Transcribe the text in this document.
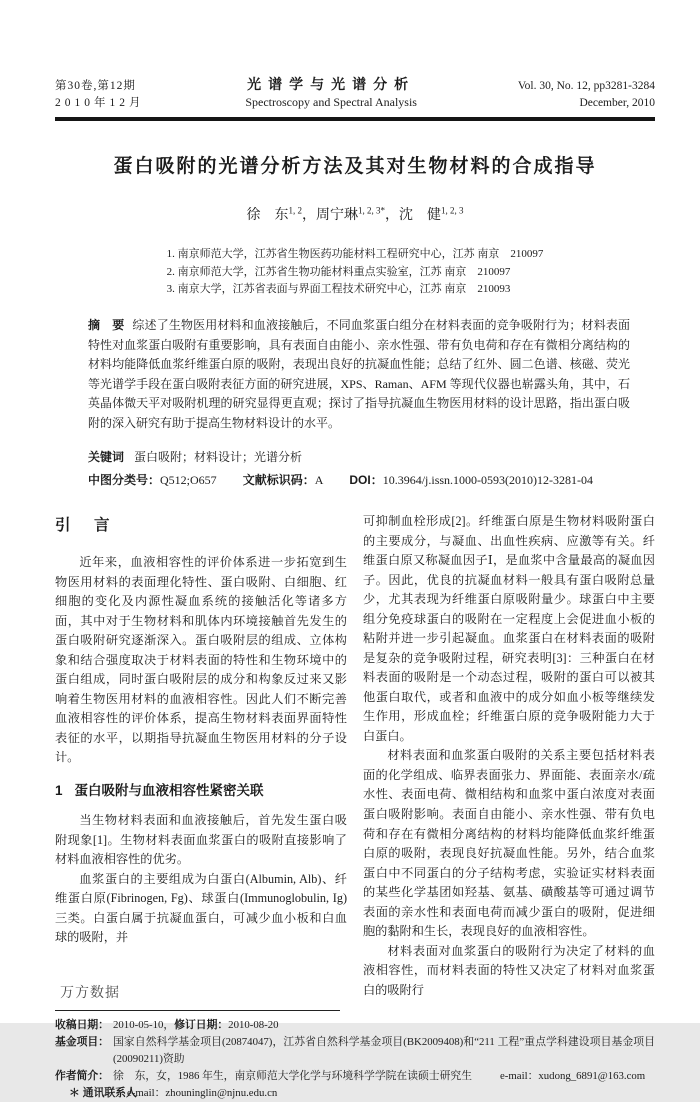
第30卷,第12期
2010年12月
光谱学与光谱分析
Spectroscopy and Spectral Analysis
Vol. 30, No. 12, pp3281-3284
December, 2010
蛋白吸附的光谱分析方法及其对生物材料的合成指导
徐　东$^{1, 2}$，周宁琳$^{1, 2, 3*}$，沈　健$^{1, 2, 3}$
1. 南京师范大学，江苏省生物医药功能材料工程研究中心，江苏 南京　210097
2. 南京师范大学，江苏省生物功能材料重点实验室，江苏 南京　210097
3. 南京大学，江苏省表面与界面工程技术研究中心，江苏 南京　210093

摘　要 综述了生物医用材料和血液接触后，不同血浆蛋白组分在材料表面的竞争吸附行为；材料表面特性对血浆蛋白吸附有重要影响，具有表面自由能小、亲水性强、带有负电荷和存在有微相分离结构的材料均能降低血浆纤维蛋白原的吸附，表现出良好的抗凝血性能；总结了红外、圆二色谱、核磁、荧光等光谱学手段在蛋白吸附表征方面的研究进展，XPS、Raman、AFM 等现代仪器也崭露头角，其中，石英晶体微天平对吸附机理的研究显得更直观；探讨了指导抗凝血生物医用材料的设计思路，指出蛋白吸附的深入研究有助于提高生物材料设计的水平。

关键词 蛋白吸附；材料设计；光谱分析
中图分类号：Q512;O657 文献标识码：A DOI：10.3964/j.issn.1000-0593(2010)12-3281-04
引　言

近年来，血液相容性的评价体系进一步拓宽到生物医用材料的表面理化特性、蛋白吸附、白细胞、红细胞的变化及内源性凝血系统的接触活化等诸多方面，其中对于生物材料和肌体内环境接触首先发生的蛋白吸附研究逐渐深入。蛋白吸附层的组成、立体构象和结合强度取决于材料表面的特性和生物环境中的蛋白组成，同时蛋白吸附层的成分和构象反过来又影响着生物医用材料的血液相容性。因此人们不断完善血液相容性的评价体系，提高生物材料表面界面特性表征的水平，以期指导抗凝血生物医用材料的分子设计。

1 蛋白吸附与血液相容性紧密关联

当生物材料表面和血液接触后，首先发生蛋白吸附现象[1]。生物材料表面血浆蛋白的吸附直接影响了材料血液相容性的优劣。

血浆蛋白的主要组成为白蛋白(Albumin, Alb)、纤维蛋白原(Fibrinogen, Fg)、球蛋白(Immunoglobulin, Ig)三类。白蛋白属于抗凝血蛋白，可减少血小板和白血球的吸附，并

可抑制血栓形成[2]。纤维蛋白原是生物材料吸附蛋白的主要成分，与凝血、出血性疾病、应激等有关。纤维蛋白原又称凝血因子Ⅰ，是血浆中含量最高的凝血因子。因此，优良的抗凝血材料一般具有蛋白吸附总量少，尤其表现为纤维蛋白原吸附量少。球蛋白中主要组分免疫球蛋白的吸附在一定程度上会促进血小板的粘附并进一步引起凝血。血浆蛋白在材料表面的吸附是复杂的竞争吸附过程，研究表明[3]：三种蛋白在材料表面的吸附是一个动态过程，吸附的蛋白可以被其他蛋白取代，或者和血液中的成分如血小板等继续发生作用，形成血栓；纤维蛋白原的竞争吸附能力大于白蛋白。

材料表面和血浆蛋白吸附的关系主要包括材料表面的化学组成、临界表面张力、界面能、表面亲水/疏水性、表面电荷、微相结构和血浆中蛋白浓度对表面蛋白吸附影响。表面自由能小、亲水性强、带有负电荷和存在有微相分离结构的材料均能降低血浆纤维蛋白原的吸附，表现良好抗凝血性能。另外，结合血浆蛋白中不同蛋白的分子结构考虑，实验证实材料表面的某些化学基团如羟基、氨基、磺酸基等可通过调节表面的亲水性和表面电荷而减少蛋白的吸附，促进细胞的黏附和生长，表现良好的血液相容性。

材料表面对血浆蛋白的吸附行为决定了材料的血液相容性，而材料表面的特性又决定了材料对血浆蛋白的吸附行

收稿日期： 2010-05-10，修订日期：2010-08-20
基金项目： 国家自然科学基金项目(20874047)，江苏省自然科学基金项目(BK2009408)和“211 工程”重点学科建设项目基金项目(20090211)资助
作者简介： 徐　东，女，1986 年生，南京师范大学化学与环境科学学院在读硕士研究生	e-mail：xudong_6891@163.com
＊ 通讯联系人
e-mail：zhouninglin@njnu.edu.cn
万方数据
